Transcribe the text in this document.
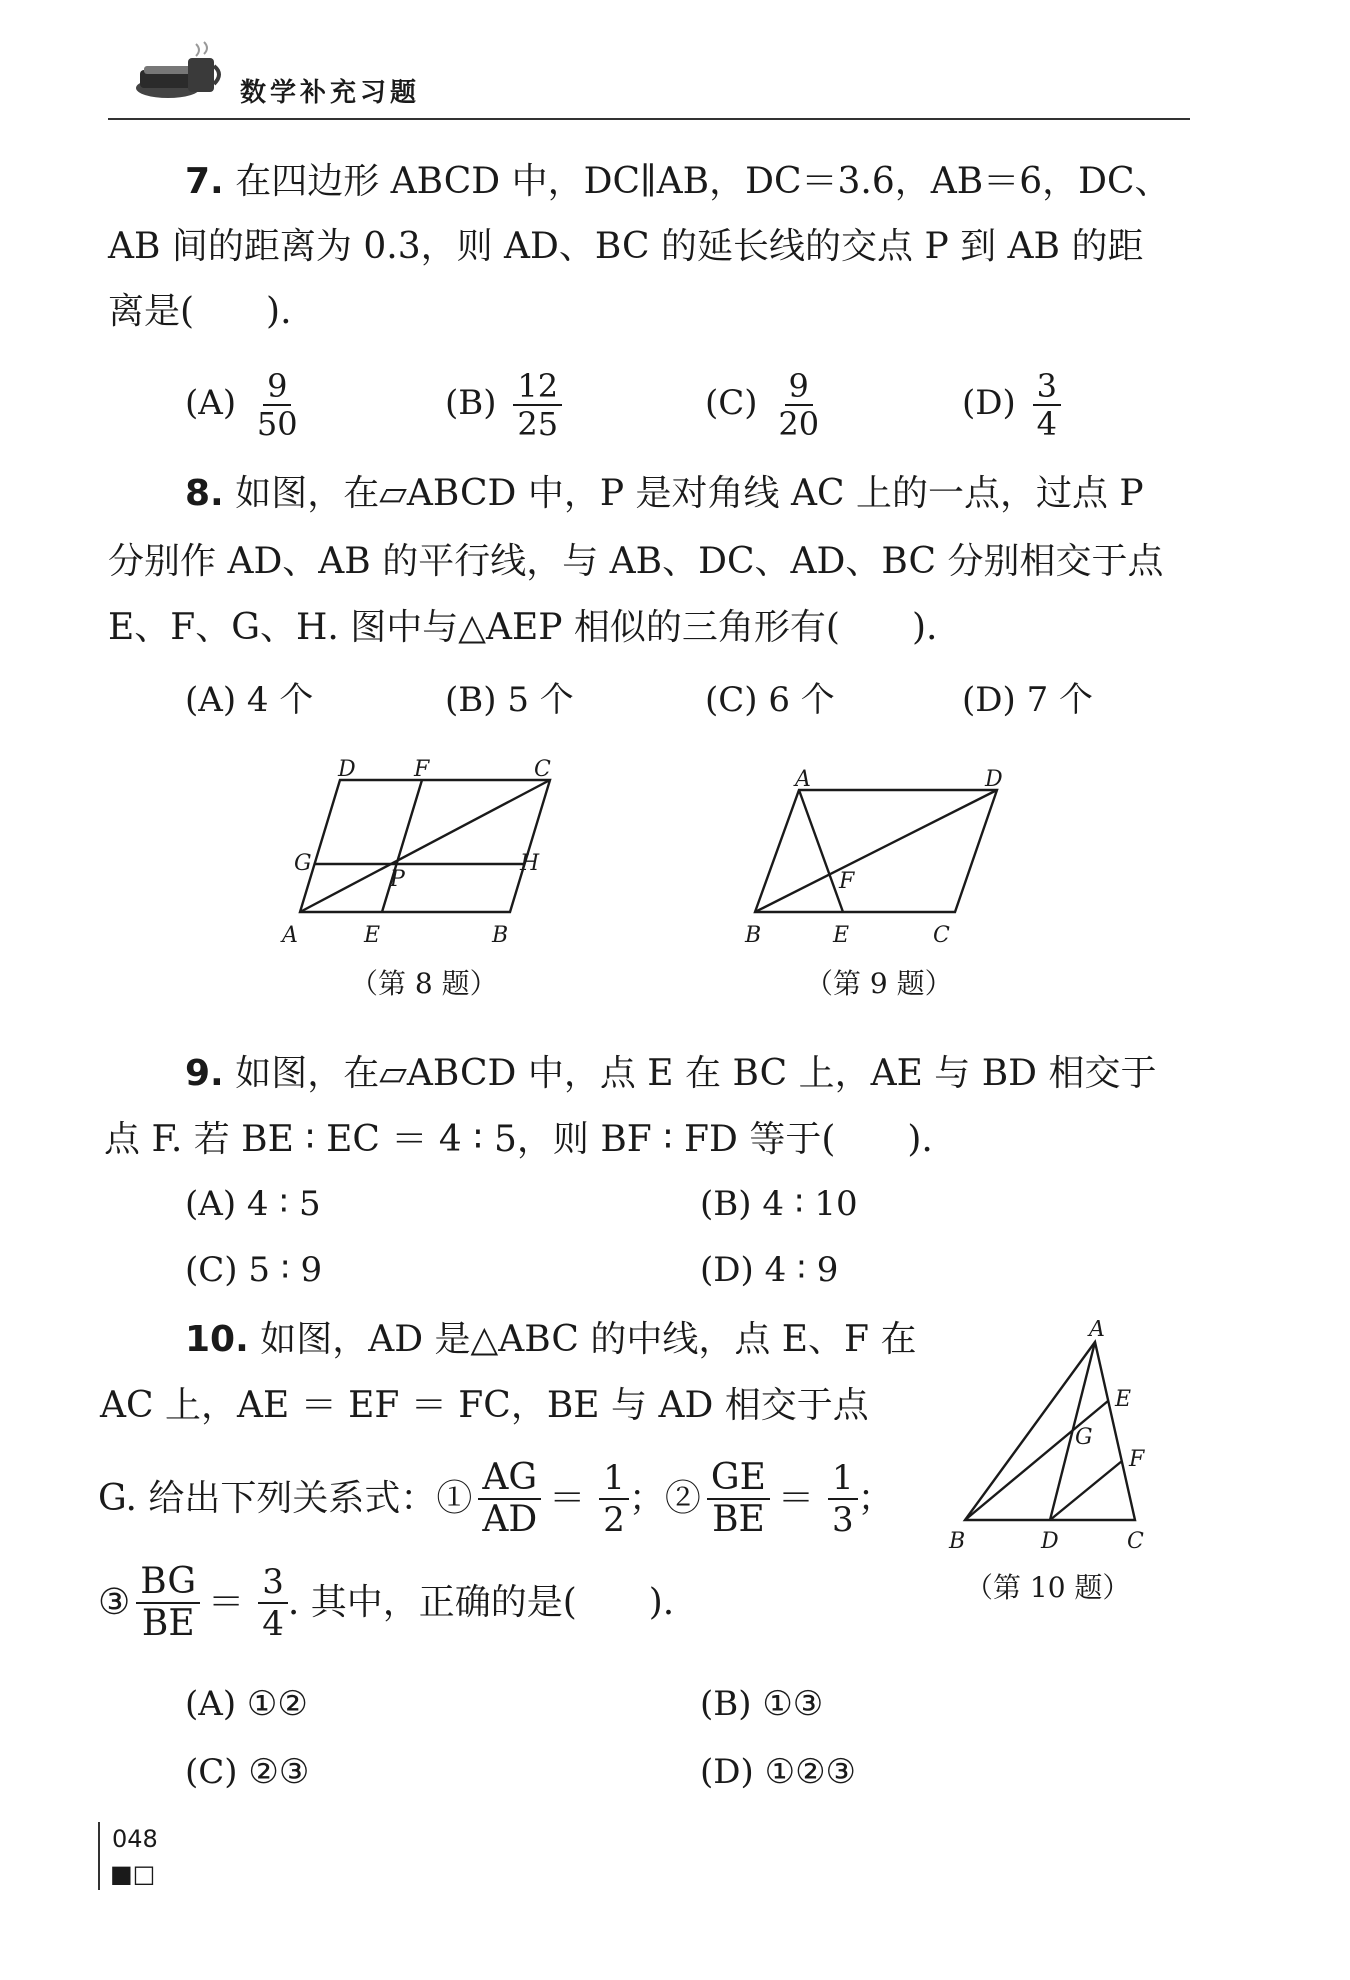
数学补充习题
7. 在四边形 ABCD 中，DC∥AB，DC＝3.6，AB＝6，DC、
AB 间的距离为 0.3，则 AD、BC 的延长线的交点 P 到 AB 的距
离是(　　).
$(A) \frac{9}{50}$	$(B) \frac{12}{25}$	$(C) \frac{9}{20}$	$(D) \frac{3}{4}$
8. 如图，在▱ABCD 中，P 是对角线 AC 上的一点，过点 P
分别作 AD、AB 的平行线，与 AB、DC、AD、BC 分别相交于点
E、F、G、H. 图中与△AEP 相似的三角形有(　　).
(A) 4 个	(B) 5 个	(C) 6 个	(D) 7 个
A	E	B
D	F	C
G	H
P
（第 8 题）
A	D
B	E	C
F
（第 9 题）
9. 如图，在▱ABCD 中，点 E 在 BC 上，AE 与 BD 相交于
点 F. 若 BE ∶ EC ＝ 4 ∶ 5，则 BF ∶ FD 等于(　　).
(A) 4 ∶ 5	(B) 4 ∶ 10
(C) 5 ∶ 9	(D) 4 ∶ 9
10. 如图，AD 是△ABC 的中线，点 E、F 在
AC 上，AE ＝ EF ＝ FC，BE 与 AD 相交于点
G. 给出下列关系式：① $\frac{AG}{AD} = \frac{1}{2}$ ；② $\frac{GE}{BE} = \frac{1}{3}$ ；
③ $\frac{BG}{BE} = \frac{3}{4}$ . 其中，正确的是(　　).
(A) ①②	(B) ①③
(C) ②③	(D) ①②③
A
E
F
G
B	D	C
（第 10 题）
048
■□
